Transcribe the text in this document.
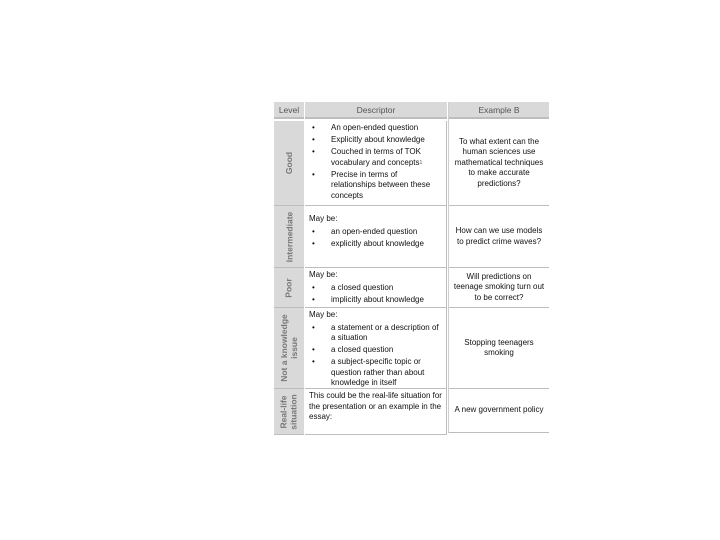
Level	Descriptor
Good
• An open-ended question
• Explicitly about knowledge
• Couched in terms of TOK vocabulary and concepts$^1$
• Precise in terms of relationships between these concepts
Intermediate May be:
• an open-ended question
• explicitly about knowledge
Poor
May be:
• a closed question
• implicitly about knowledge
Not a knowledge issue
May be:
• a statement or a description of a situation
• a closed question
• a subject-specific topic or question rather than about knowledge in itself
Real-life situation This could be the real-life situation for the presentation or an example in the essay:
Example B
To what extent can the human sciences use mathematical techniques to make accurate predictions?
How can we use models to predict crime waves?
Will predictions on teenage smoking turn out to be correct?
Stopping teenagers smoking
A new government policy
